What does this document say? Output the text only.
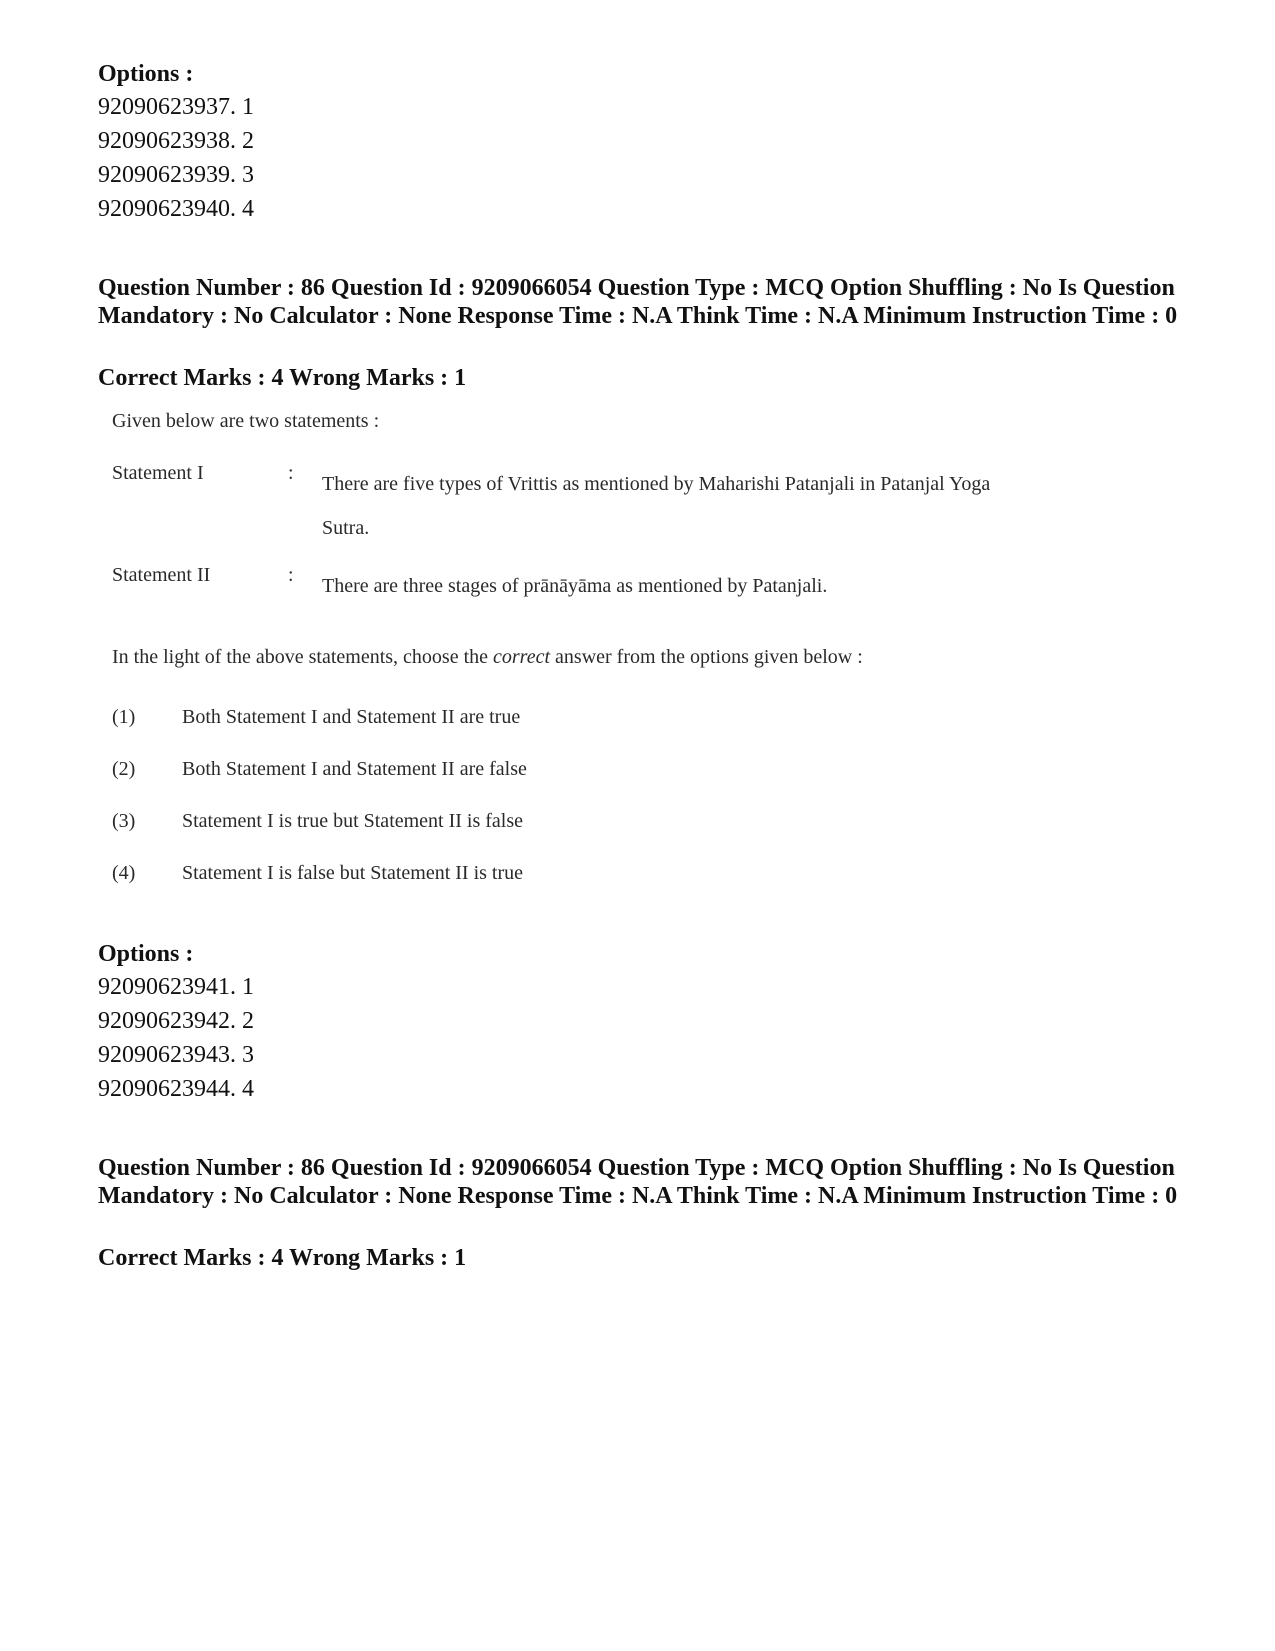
Options :
92090623937. 1
92090623938. 2
92090623939. 3
92090623940. 4
Question Number : 86 Question Id : 9209066054 Question Type : MCQ Option Shuffling : No Is Question Mandatory : No Calculator : None Response Time : N.A Think Time : N.A Minimum Instruction Time : 0
Correct Marks : 4 Wrong Marks : 1
Given below are two statements :
Statement I	: There are five types of Vrittis as mentioned by Maharishi Patanjali in Patanjal Yoga Sutra.
Statement II	: There are three stages of prānāyāma as mentioned by Patanjali.
In the light of the above statements, choose the correct answer from the options given below :
(1) Both Statement I and Statement II are true
(2) Both Statement I and Statement II are false
(3) Statement I is true but Statement II is false
(4) Statement I is false but Statement II is true
Options :
92090623941. 1
92090623942. 2
92090623943. 3
92090623944. 4
Question Number : 86 Question Id : 9209066054 Question Type : MCQ Option Shuffling : No Is Question Mandatory : No Calculator : None Response Time : N.A Think Time : N.A Minimum Instruction Time : 0
Correct Marks : 4 Wrong Marks : 1
